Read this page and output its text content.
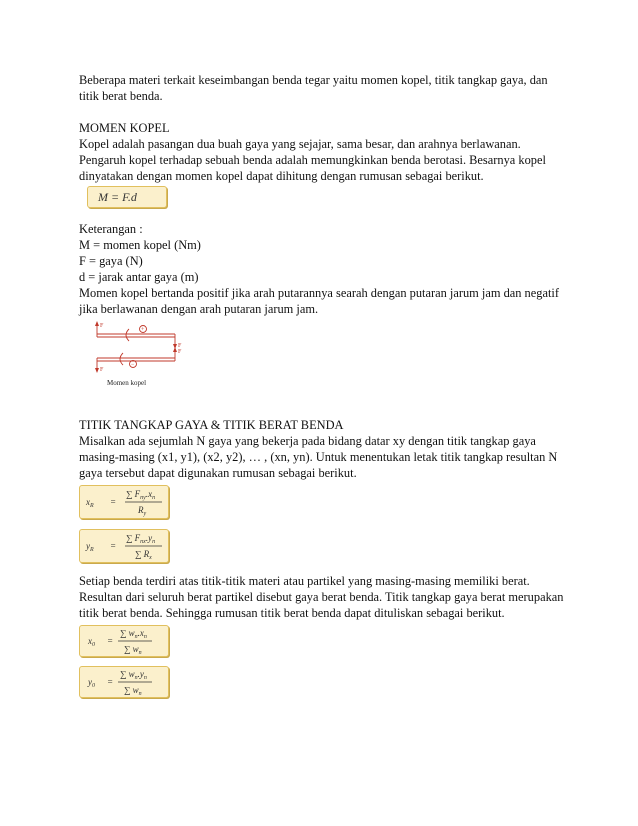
Beberapa materi terkait keseimbangan benda tegar yaitu momen kopel, titik tangkap gaya, dan titik berat benda.

MOMEN KOPEL

Kopel adalah pasangan dua buah gaya yang sejajar, sama besar, dan arahnya berlawanan. Pengaruh kopel terhadap sebuah benda adalah memungkinkan benda berotasi. Besarnya kopel dinyatakan dengan momen kopel dapat dihitung dengan rumusan sebagai berikut.

M = F.d

Keterangan :

M = momen kopel (Nm)

F = gaya (N)

d = jarak antar gaya (m)

Momen kopel bertanda positif jika arah putarannya searah dengan putaran jarum jam dan negatif jika berlawanan dengan arah putaran jarum jam.

F
F
F
F
+
−
Momen kopel

TITIK TANGKAP GAYA & TITIK BERAT BENDA

Misalkan ada sejumlah N gaya yang bekerja pada bidang datar xy dengan titik tangkap gaya masing-masing (x1, y1), (x2, y2), … , (xn, yn). Untuk menentukan letak titik tangkap resultan N gaya tersebut dapat digunakan rumusan sebagai berikut.

$x_R$ =
∑ $F_{ny}.x_n$
$R_y$

$y_R$ =
∑ $F_{nx}.y_n$
∑ $R_x$

Setiap benda terdiri atas titik-titik materi atau partikel yang masing-masing memiliki berat. Resultan dari seluruh berat partikel disebut gaya berat benda. Titik tangkap gaya berat merupakan titik berat benda. Sehingga rumusan titik berat benda dapat dituliskan sebagai berikut.

$x_0$ =
∑ $w_n.x_n$
∑ $w_n$

$y_0$ =
∑ $w_n.y_n$
∑ $w_n$
